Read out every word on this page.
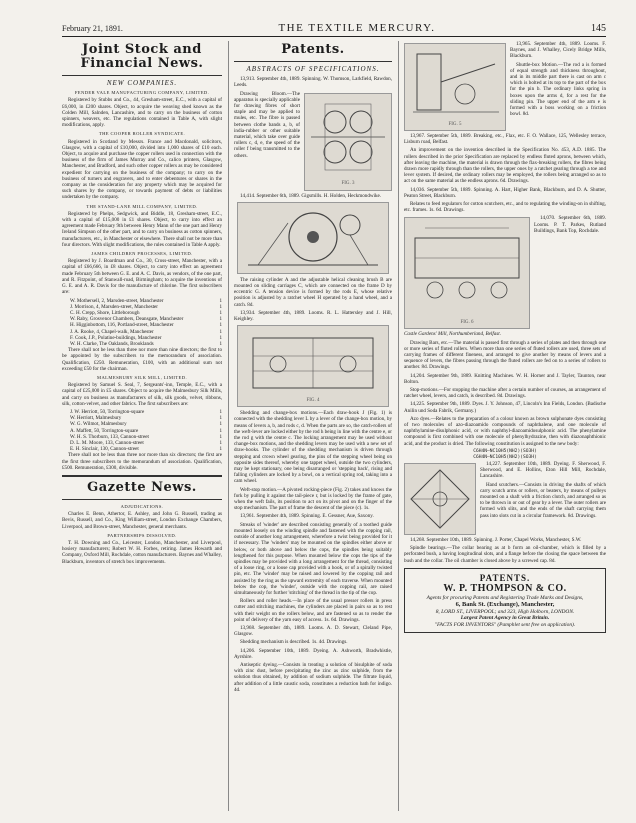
February 21, 1891.	THE TEXTILE MERCURY.	145
Joint Stock and Financial News.
NEW COMPANIES.
FENDER VALE MANUFACTURING COMPANY, LIMITED.

Registered by Stubbs and Co., 44, Gresham-street, E.C., with a capital of £6,000, in £200 shares. Object, to acquire the weaving shed known as the Colden Mill, Salnden, Lancashire, and to carry on the business of cotton spinners, weavers, etc. The regulations contained in Table A, with slight modifications, apply.

THE COOPER ROLLER SYNDICATE.

Registered in Scotland by Messrs. France and Macdonald, solicitors, Glasgow, with a capital of £10,000, divided into 1,000 shares of £10 each. Object, to acquire and purchase the copper rollers used in connection with the business of the firm of James Murray and Co., calico printers, Glasgow, Manchester, and Bradford, and such other copper rollers as may be considered expedient for carrying on the business of the company; to carry on the business of turners and engravers, and to enter debentures or shares in the company as the consideration for any property which may be acquired for such shares by the company, or towards payment of debts or liabilities undertaken by the company.

THE STAND-LANE MILL COMPANY, LIMITED.

Registered by Phelps, Sedgwick, and Biddle, 18, Gresham-street, E.C., with a capital of £15,000 in £1 shares. Object, to carry into effect an agreement made February 9th between Henry Mann of the one part and Henry Ireland Simpson of the other part, and to carry on business as cotton spinners, manufacturers, etc., in Manchester or elsewhere. There shall not be more than four directors. With slight modifications, the rules contained in Table A apply.

JAMES CHILDREN PROCESSES, LIMITED.

Registered by J. Boardman and Co., 30, Cross-street, Manchester, with a capital of £66,666, in £8 shares. Object, to carry into effect an agreement made February 5th between G. E. and A. C. Davis, as vendors, of the one part, and R. Fitzpoint, of Stanwall-road, Birmingham; to acquire the inventions of G. E. and A. R. Davis for the manufacture of chlorine. The first subscribers are:

W. Mothersell, 2, Marsden-street, Manchester	1
J. Morrison, 4, Marsden-street, Manchester	1
C. H. Crepp, Shore, Littleborough	1
W. Raby, Grosvenor Chambers, Deansgate, Manchester	1
H. Higginbottom, 116, Portland-street, Manchester	1
J. A. Rooke, 4, Chapel-walk, Manchester	1
F. Cook, J.P., Polatine-buildings, Manchester	1
W. H. Clarke, The Oaklands, Brooklands	1

There shall not be less than three nor more than nine directors; the first to be appointed by the subscribers to the memorandum of association. Qualification, £250. Remuneration, £100, with an additional sum not exceeding £50 for the chairman.

MALMESBURY SILK MILL, LIMITED.

Registered by Samuel S. Seal, 7, Sergeants'-inn, Temple, E.C., with a capital of £25,000 in £5 shares. Object to acquire the Malmesbury Silk Mills, and carry on business as manufacturers of silk, silk goods, velvet, ribbons, silk, cotton-velvet, and other fabrics. The first subscribers are:

J. W. Herriott, 50, Torrington-square	1
W. Herriott, Malmesbury	1
W. G. Wilmot, Malmesbury	1
A. Maffett, 50, Torrington-square	1
W. H. S. Thorburn, 133, Cannon-street	1
D. L. M. Moore, 133, Cannon-street	1
E. H. Sinclair, 130, Cannon-street	1

There shall not be less than three nor more than six directors; the first are the first three subscribers to the memorandum of association. Qualification, £500. Remuneration, £300, divisible.

Gazette News.
ADJUDICATIONS.

Charles E. Benn, Athertor, E. Ashley, and John G. Russell, trading as Bevis, Russell, and Co., King William-street, London Exchange Chambers, Liverpool, and Brown-street, Manchester, general merchants.

PARTNERSHIPS DISSOLVED.

T. H. Downing and Co., Leicester, London, Manchester, and Liverpool, hosiery manufacturers; Robert W. H. Forbes, retiring. James Howarth and Company, Oxford Mill, Rochdale, cotton manufacturers. Baynes and Whalley, Blackburn, inventors of stretch box improvements.

Patents.
ABSTRACTS OF SPECIFICATIONS.

13,913. September 4th, 1889. Spinning. W. Thomson, Larkfield, Rawdon, Leeds.

FIG. 3

Drawing Bloom.—The apparatus is specially applicable for drawing fibres of short staple and may be applied to mules, etc. The fibre is passed between clothe bands a, b, of india-rubber or other suitable material, which take over guide rollers c, d, e, the speed of the roller f being transmitted to the others.

14,414. September 6th, 1889. Gigsmills. H. Holden, Heckmondwike.

The raising cylinder A and the adjustable helical cleaning brush B are mounted on sliding carriages C, which are connected on the frame D by eccentric G. A tension device is formed by the rods E, whose relative position is adjusted by a ratchet wheel H operated by a hand wheel, and a catch. 8d.

13,934. September 4th, 1889. Looms. R. L. Hattersley and J. Hill, Keighley.

FIG. 4

Shedding and change-box motions.—Each draw-hook J (Fig. 1) is connected with the shedding lever L by a lever of the change-box motion, by means of levers a, b, and rods c, d. When the parts are so, the catch-rollers of the weft-lever are locked either by the rod h being in line with the centre e, or the rod g with the centre c. The locking arrangement may be used without change-box motions, and the shedding levers may be used with a new set of draw-hooks. The cylinder of the shedding mechanism is driven through stepping and crown wheel gearing, the pins of the stepping wheel being on opposite sides thereof, whereby one tappet wheel, outside the two cylinders, may be kept stationary, one being disarranged or 'stepping back', rising and falling cylinders are locked by a bowl, on a vertical spring rod, taking into a cam wheel.

Weft-stop motion.—A pivoted rocking-piece (Fig. 2) takes and knows the fork by pulling it against the tail-piece r, but is locked by the frame of gate, when the weft fails, its position to act on its pivot and on the finger of the stop mechanism. The part of frame the descent of the piece (c). 1s.

13,961. September 4th, 1889. Spinning. E. Gessner, Aue, Saxony.

Streaks of 'winder' are described consisting generally of a toothed guide mounted loosely on the winding spindle and fastened with the copping rail, outside of another long arrangement, wherefore a twist being provided for it if necessary. The 'winders' may be mounted on the spindles either above or below, or both above and below the cops, the spindles being suitably lengthened for this purpose. When mounted below the cops the tips of the spindles may be provided with a long arrangement for the thread, consisting of a loose ring, or a loose cap provided with a hook, or of a spirally twisted pin, etc. The 'winder' may be raised and lowered by the copping rail and assisted by the ring as the upward extremity of each traverse. When mounted below the cop, the 'winder', outside with the copping rail, are raised simultaneously for further 'stitching' of the thread in the tip of the cop.

Rollers and roller heads.—In place of the usual presser rollers in press cutter and stitching machines, the cylinders are placed in pairs so as to rest with their weight on the rollers below, and are fastened so as to render the point of delivery of the yarn easy of access. 1s. 6d. Drawings.

13,968. September 4th, 1889. Looms. A. D. Stewart, Cleland Pipe, Glasgow.

Shedding mechanism is described. 1s. 4d. Drawings.

14,206. September 10th, 1889. Dyeing. A. Ashworth, Bradwhistle, Ayrshire.

Antiseptic dyeing.—Consists in treating a solution of bisulphite of soda with zinc dust, before precipitating the zinc as zinc sulphide, from the solution thus obtained, by addition of sodium sulphide. The filtrate liquid, after addition of a little caustic soda, constitutes a reduction bath for indigo. 4d.

FIG. 5

13,965. September 4th, 1889. Looms. F. Baynes, and J. Whalley, Cicely Bridge Mills, Blackburn.

Shuttle-box Motion.—The rod a is formed of equal strength and thickness throughout, and in its middle part there is cast on arm c which is bolted at its top to the part of the box for the pin b. The ordinary links spring in boxes upon the arms d, for a rest for the sliding pin. The upper end of the arm e is formed with a boss working on a friction bowl. 8d.

13,967. September 5th, 1889. Breaking, etc., Flax, etc. F. O. Wallace, 125, Wellesley terrace, Lisburn road, Belfast.

An improvement on the invention described in the Specification No. 453, A.D. 1885. The rollers described in the prior Specification are replaced by endless fluted aprons, between which, after leaving the machine, the material is drawn through the flax-breaking rollers, the fibres being drawn more rapidly through than the rollers, the upper ones by a ratchet gearing through a toe and lever system. If desired, the ordinary rollers may be employed, the rollers being arranged so as to act on the same material as the endless aprons. 6d. Drawings.

14,036. September 5th, 1889. Spinning. A. Hart, Higher Bank, Blackburn, and D. A. Shutter, Peaton Street, Blackburn.

Relates to feed regulators for cotton scutchers, etc., and to regulating the winding-on in shifting, etc. frames. 1s. 6d. Drawings.

FIG. 6

14,070. September 6th, 1889. Looms. P. T. Parkes, Rutland Buildings, Bank Top, Rochdale.

Castle Gardens' Mill, Northumberland, Belfast.

Drawing Bars, etc.—The material is passed first through a series of plates and then through one or more series of fluted rollers. When more than one series of fluted rollers are used, three sets of carrying frames of different fineness, and arranged to give another by means of levers and a sequence of levers, the fibres passing through the fluted rollers are fed on to a series of rollers to another. 8d. Drawings.

14,204. September 9th, 1889. Knitting Machines. W. H. Horner and J. Tayler, Taunton, near Bolton.

Stop-motions.—For stopping the machine after a certain number of courses, an arrangement of ratchet wheel, levers, and catch, is described. 8d. Drawings.

14,225. September 9th, 1889. Dyes. J. Y. Johnson, 47, Lincoln's Inn Fields, London. (Badische Anilin und Soda Fabrik, Germany.)

Azo dyes.—Relates to the preparation of a colour known as brown sulphonate dyes consisting of two molecules of azo-diazoamido compounds of naphthalene, and one molecule of naphthylamine-disulphonic acid, or with naphthyl-diazoamidosulphonic acid. The phenylamine compound is first combined with one molecule of phenylhydrazine, then with diazonaphthionic acid, and the product is dried. The following constitution is assigned to the new body:

C6H4N—NC10H5(NH2)(SO3H)
C6H4N—NC10H5(NH2)(SO3H)

14,227. September 10th, 1889. Dyeing. F. Sherwood, F. Sherwood, and E. Hollins, Eton Hill Mill, Rochdale, Lancashire.

Hand scutchers.—Consists in driving the shafts of which carry scutch arms or rollers, or beaters, by means of pulleys mounted on a shaft with a friction clutch, and arranged so as to be thrown in or out of gear by a lever. The outer rollers are formed with slits, and the ends of the shaft carrying them pass into slots cut in a circular framework. 8d. Drawings.

14,268. September 10th, 1889. Spinning. J. Porter, Chapel Works, Manchester, S.W.

Spindle bearings.—The collar bearing as at b form an oil-chamber, which is filled by a perforated bush, a having longitudinal slots, and a flange before the closing the space between the bush and the collar. The oil chamber is closed above by a screwed cap. 8d.

PATENTS.
W. P. THOMPSON & CO.
Agents for procuring Patents and Registering Trade Marks and Designs,
6, Bank St. (Exchange), Manchester,
8, LORD ST., LIVERPOOL; and 323, High Holborn, LONDON.
Largest Patent Agency in Great Britain.
"FACTS FOR INVENTORS" (Pamphlet sent free on application).
